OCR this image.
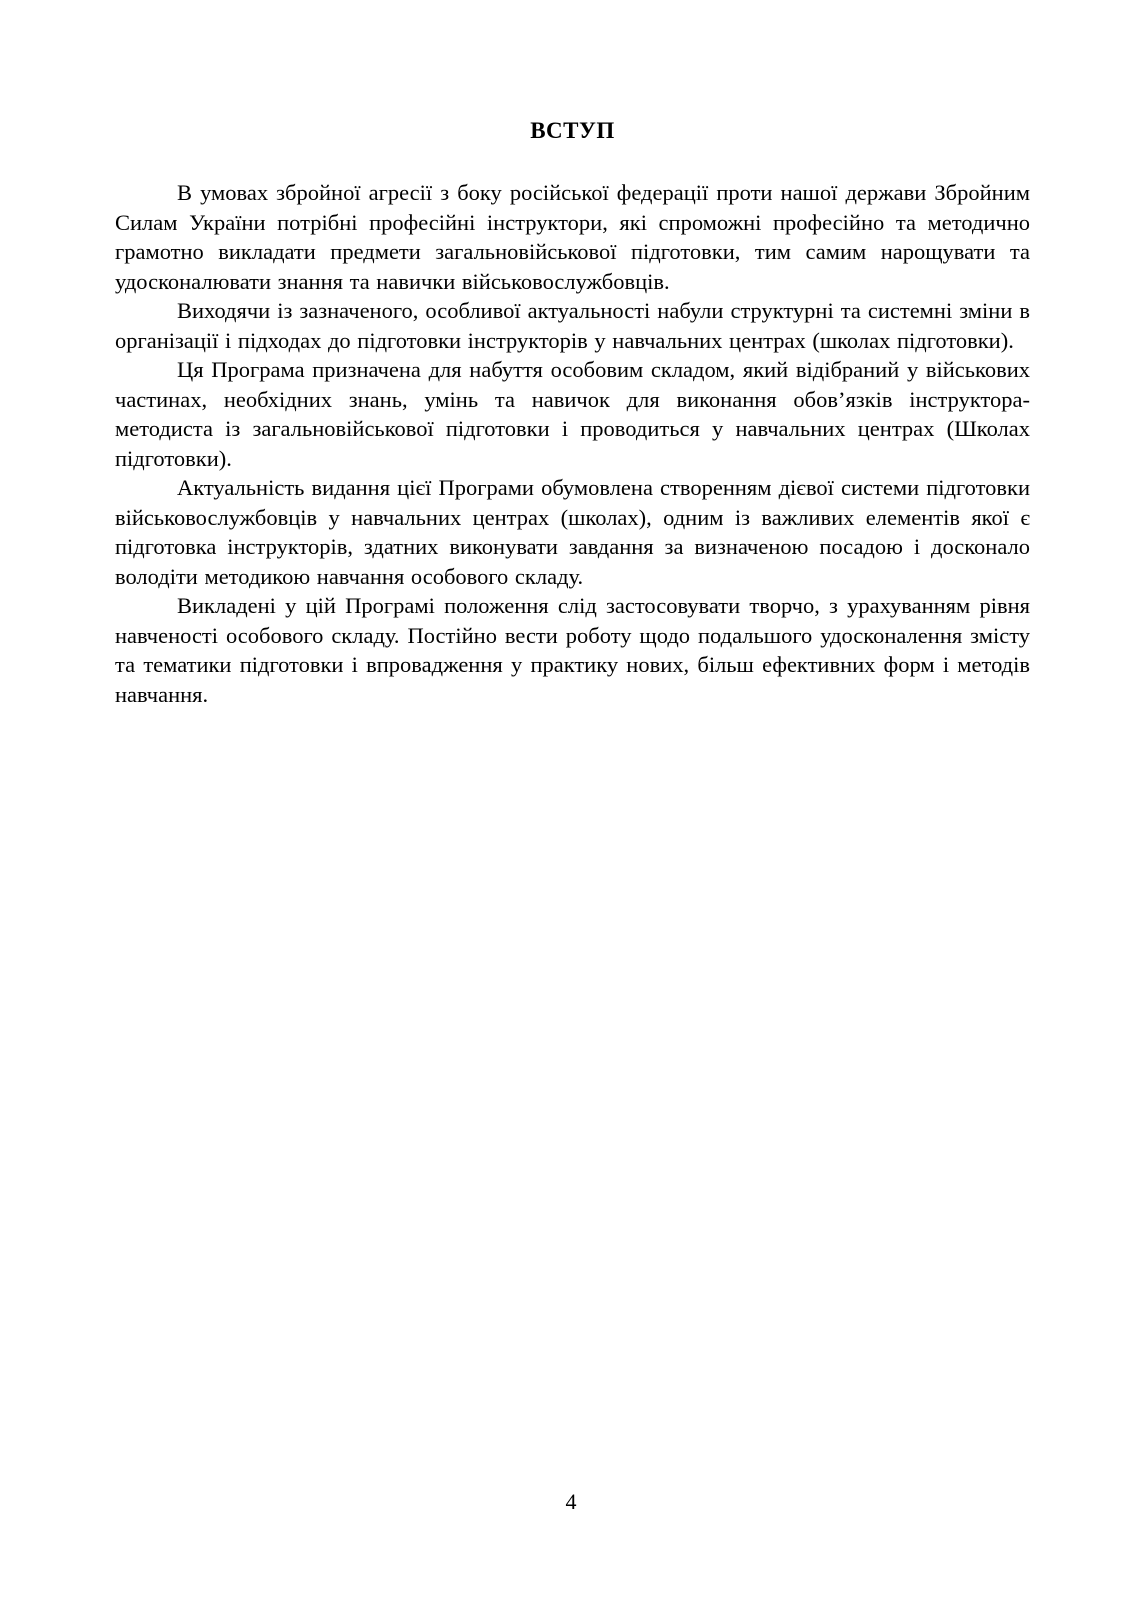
ВСТУП

В умовах збройної агресії з боку російської федерації проти нашої держави Збройним Силам України потрібні професійні інструктори, які спроможні професійно та методично грамотно викладати предмети загальновійськової підготовки, тим самим нарощувати та удосконалювати знання та навички військовослужбовців.

Виходячи із зазначеного, особливої актуальності набули структурні та системні зміни в організації і підходах до підготовки інструкторів у навчальних центрах (школах підготовки).

Ця Програма призначена для набуття особовим складом, який відібраний у військових частинах, необхідних знань, умінь та навичок для виконання обов’язків інструктора-методиста із загальновійськової підготовки і проводиться у навчальних центрах (Школах підготовки).

Актуальність видання цієї Програми обумовлена створенням дієвої системи підготовки військовослужбовців у навчальних центрах (школах), одним із важливих елементів якої є підготовка інструкторів, здатних виконувати завдання за визначеною посадою і досконало володіти методикою навчання особового складу.

Викладені у цій Програмі положення слід застосовувати творчо, з урахуванням рівня навченості особового складу. Постійно вести роботу щодо подальшого удосконалення змісту та тематики підготовки і впровадження у практику нових, більш ефективних форм і методів навчання.

4
